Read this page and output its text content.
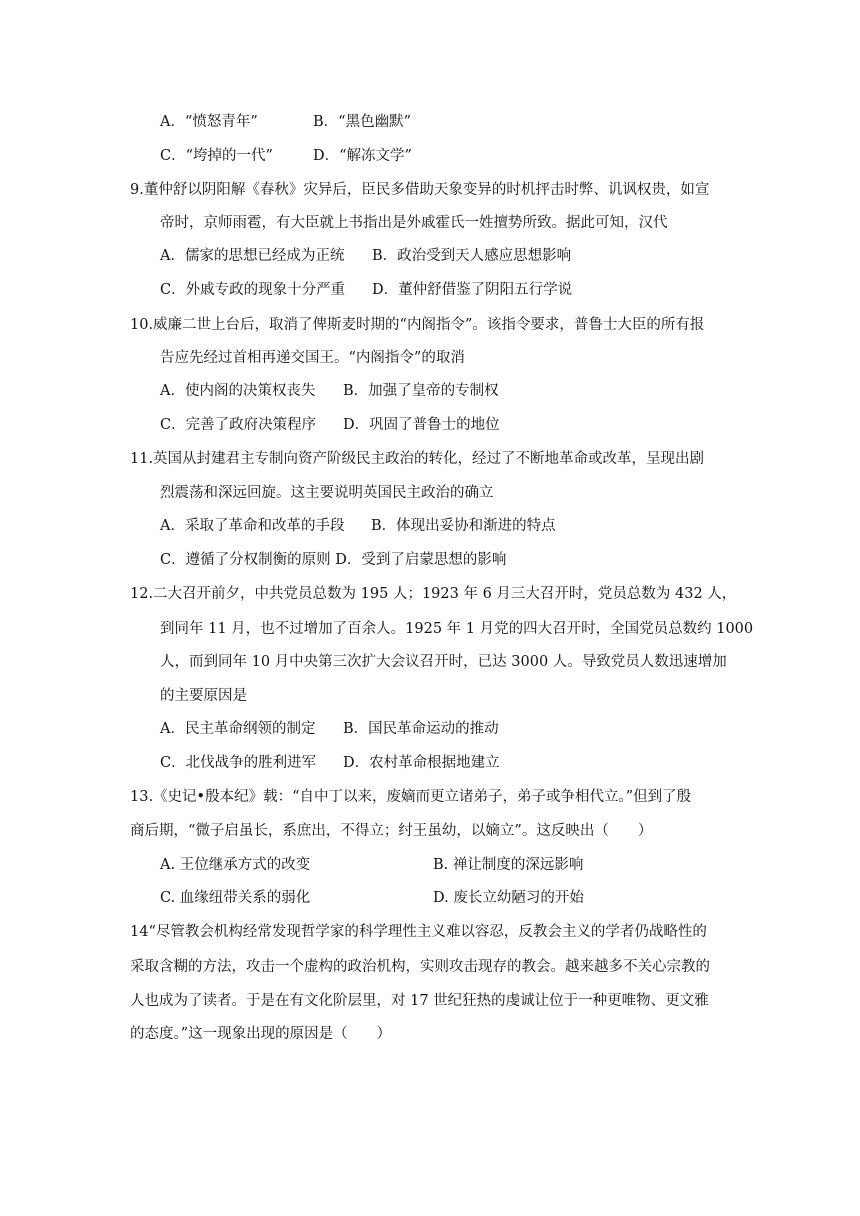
A．“愤怒青年”	B．“黑色幽默”
C．“垮掉的一代”	D．“解冻文学”
9.董仲舒以阴阳解《春秋》灾异后，臣民多借助天象变异的时机抨击时弊、讥讽权贵，如宣
帝时，京师雨雹，有大臣就上书指出是外戚霍氏一姓擅势所致。据此可知，汉代
A．儒家的思想已经成为正统 B．政治受到天人感应思想影响
C．外戚专政的现象十分严重 D．董仲舒借鉴了阴阳五行学说
10.威廉二世上台后，取消了俾斯麦时期的“内阁指令”。该指令要求，普鲁士大臣的所有报
告应先经过首相再递交国王。“内阁指令”的取消
A．使内阁的决策权丧失 B．加强了皇帝的专制权
C．完善了政府决策程序 D．巩固了普鲁士的地位
11.英国从封建君主专制向资产阶级民主政治的转化，经过了不断地革命或改革，呈现出剧
烈震荡和深远回旋。这主要说明英国民主政治的确立
A．采取了革命和改革的手段 B．体现出妥协和渐进的特点
C．遵循了分权制衡的原则 D．受到了启蒙思想的影响
12.二大召开前夕，中共党员总数为 195 人；1923 年 6 月三大召开时，党员总数为 432 人，
到同年 11 月，也不过增加了百余人。1925 年 1 月党的四大召开时，全国党员总数约 1000
人，而到同年 10 月中央第三次扩大会议召开时，已达 3000 人。导致党员人数迅速增加
的主要原因是
A．民主革命纲领的制定 B．国民革命运动的推动
C．北伐战争的胜利进军 D．农村革命根据地建立
13.《史记•殷本纪》载：“自中丁以来，废嫡而更立诸弟子，弟子或争相代立。”但到了殷
商后期，“微子启虽长，系庶出，不得立；纣王虽幼，以嫡立”。这反映出（　　）
A. 王位继承方式的改变	B. 禅让制度的深远影响
C. 血缘纽带关系的弱化	D. 废长立幼陋习的开始
14“尽管教会机构经常发现哲学家的科学理性主义难以容忍，反教会主义的学者仍战略性的
采取含糊的方法，攻击一个虚构的政治机构，实则攻击现存的教会。越来越多不关心宗教的
人也成为了读者。于是在有文化阶层里，对 17 世纪狂热的虔诚让位于一种更唯物、更文雅
的态度。”这一现象出现的原因是（　　）
